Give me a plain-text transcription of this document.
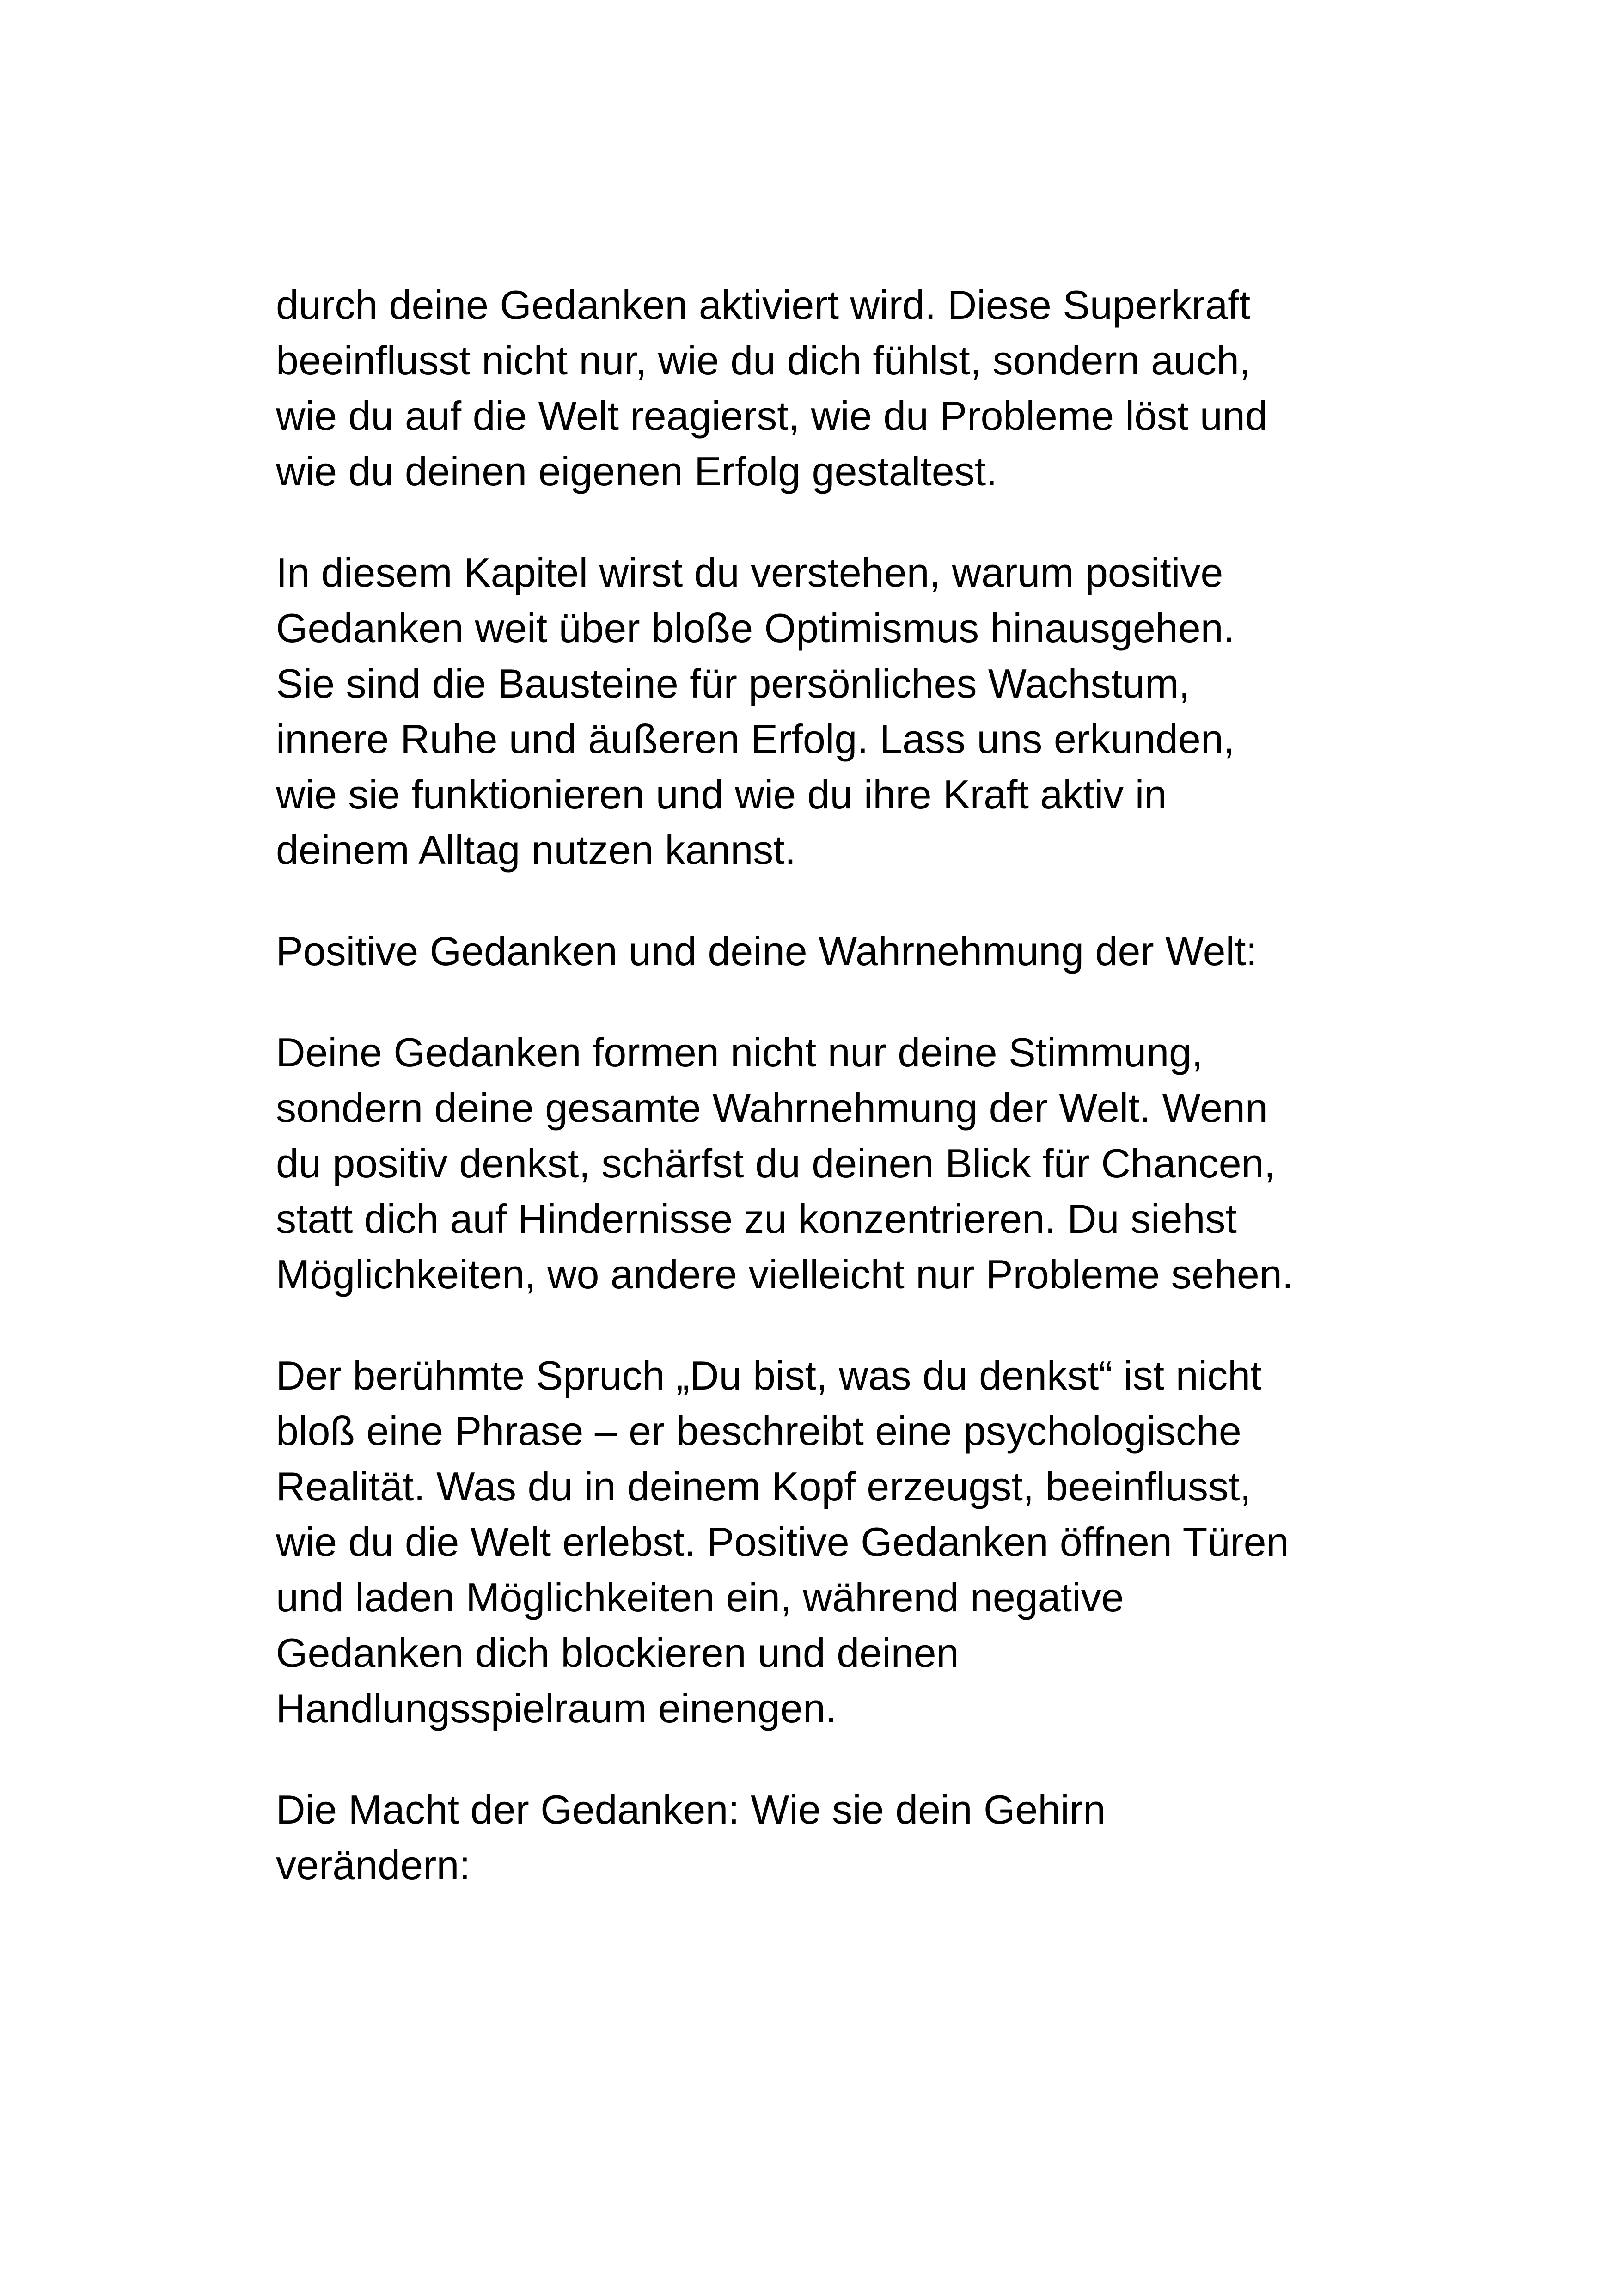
durch deine Gedanken aktiviert wird. Diese Superkraft
beeinflusst nicht nur, wie du dich fühlst, sondern auch,
wie du auf die Welt reagierst, wie du Probleme löst und
wie du deinen eigenen Erfolg gestaltest.

In diesem Kapitel wirst du verstehen, warum positive
Gedanken weit über bloße Optimismus hinausgehen.
Sie sind die Bausteine für persönliches Wachstum,
innere Ruhe und äußeren Erfolg. Lass uns erkunden,
wie sie funktionieren und wie du ihre Kraft aktiv in
deinem Alltag nutzen kannst.

Positive Gedanken und deine Wahrnehmung der Welt:

Deine Gedanken formen nicht nur deine Stimmung,
sondern deine gesamte Wahrnehmung der Welt. Wenn
du positiv denkst, schärfst du deinen Blick für Chancen,
statt dich auf Hindernisse zu konzentrieren. Du siehst
Möglichkeiten, wo andere vielleicht nur Probleme sehen.

Der berühmte Spruch „Du bist, was du denkst“ ist nicht
bloß eine Phrase – er beschreibt eine psychologische
Realität. Was du in deinem Kopf erzeugst, beeinflusst,
wie du die Welt erlebst. Positive Gedanken öffnen Türen
und laden Möglichkeiten ein, während negative
Gedanken dich blockieren und deinen
Handlungsspielraum einengen.

Die Macht der Gedanken: Wie sie dein Gehirn
verändern:
